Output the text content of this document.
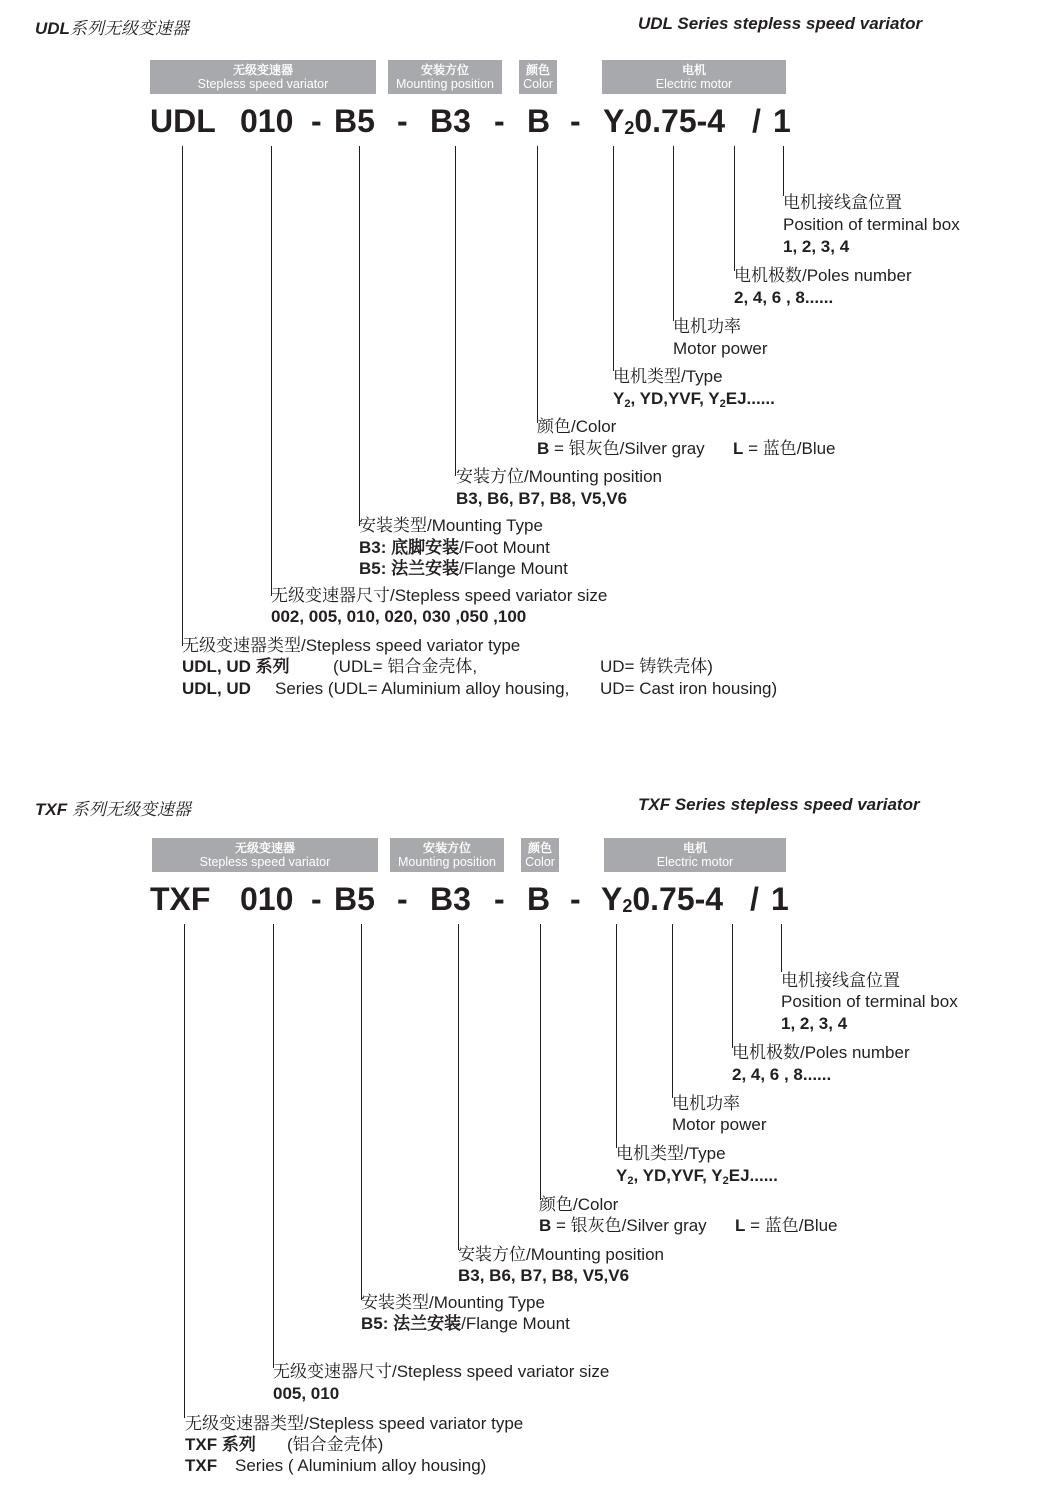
UDL系列无级变速器	UDL Series stepless speed variator
无级变速器
Stepless speed variator
安装方位
Mounting position
颜色
Color
电机
Electric motor
UDL 010 - B5 - B3 - B - $Y_20.75-4 / 1$
电机接线盒位置
Position of terminal box
1, 2, 3, 4
电机极数/Poles number
2, 4, 6 , 8......
电机功率
Motor power
电机类型/Type
$Y_2$, YD,YVF, $Y_2EJ$......
颜色/Color
B = 银灰色/Silver gray L = 蓝色/Blue
安装方位/Mounting position
B3, B6, B7, B8, V5,V6
安装类型/Mounting Type
B3: 底脚安装/Foot Mount
B5: 法兰安装/Flange Mount
无级变速器尺寸/Stepless speed variator size
002, 005, 010, 020, 030 ,050 ,100
无级变速器类型/Stepless speed variator type
UDL, UD 系列	(UDL= 铝合金壳体,	UD= 铸铁壳体)
UDL, UD Series (UDL= Aluminium alloy housing, UD= Cast iron housing)
TXF 系列无级变速器	TXF Series stepless speed variator
无级变速器
Stepless speed variator
安装方位
Mounting position
颜色
Color
电机
Electric motor
TXF 010 - B5 - B3 - B - $Y_20.75-4 / 1$
电机接线盒位置
Position of terminal box
1, 2, 3, 4
电机极数/Poles number
2, 4, 6 , 8......
电机功率
Motor power
电机类型/Type
$Y_2$, YD,YVF, $Y_2EJ$......
颜色/Color
B = 银灰色/Silver gray L = 蓝色/Blue
安装方位/Mounting position
B3, B6, B7, B8, V5,V6
安装类型/Mounting Type
B5: 法兰安装/Flange Mount
无级变速器尺寸/Stepless speed variator size
005, 010
无级变速器类型/Stepless speed variator type
TXF 系列 (铝合金壳体)
TXF Series ( Aluminium alloy housing)
